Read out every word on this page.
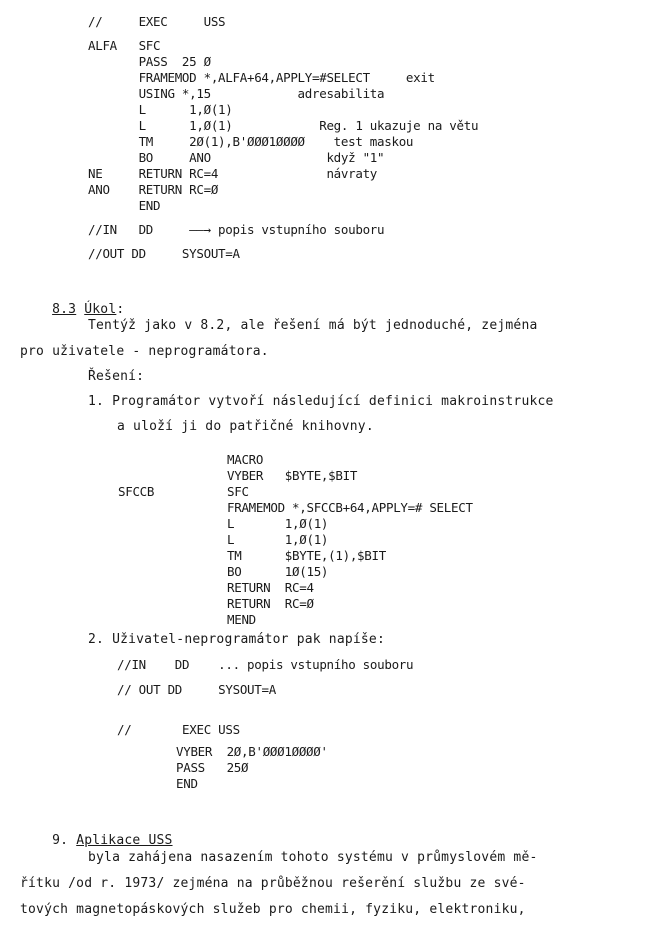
//     EXEC     USS
ALFA   SFC
PASS  25 Ø
FRAMEMOD *,ALFA+64,APPLY=#SELECT     exit
USING *,15            adresabilita
L      1,Ø(1)
L      1,Ø(1)            Reg. 1 ukazuje na větu
TM     2Ø(1),B'ØØØ1ØØØØ    test maskou
BO     ANO                když "1"
NE     RETURN RC=4               návraty
ANO    RETURN RC=Ø
END
//IN   DD     ——→ popis vstupního souboru
//OUT DD     SYSOUT=A

8.3 Úkol:

Tentýž jako v 8.2, ale řešení má být jednoduché, zejména
pro uživatele - neprogramátora.
Řešení:
1. Programátor vytvoří následující definici makroinstrukce
a uloží ji do patřičné knihovny.
SFCCB
MACRO
VYBER   $BYTE,$BIT
SFC
FRAMEMOD *,SFCCB+64,APPLY=# SELECT
L       1,Ø(1)
L       1,Ø(1)
TM      $BYTE,(1),$BIT
BO      1Ø(15)
RETURN  RC=4
RETURN  RC=Ø
MEND
2. Uživatel-neprogramátor pak napíše:
//IN    DD    ... popis vstupního souboru
// OUT DD     SYSOUT=A
//       EXEC USS
VYBER  2Ø,B'ØØØ1ØØØØ'
PASS   25Ø
END

9. Aplikace USS

byla zahájena nasazením tohoto systému v průmyslovém mě-
řítku /od r. 1973/ zejména na průběžnou rešerění službu ze své-
tových magnetopáskových služeb pro chemii, fyziku, elektroniku,
